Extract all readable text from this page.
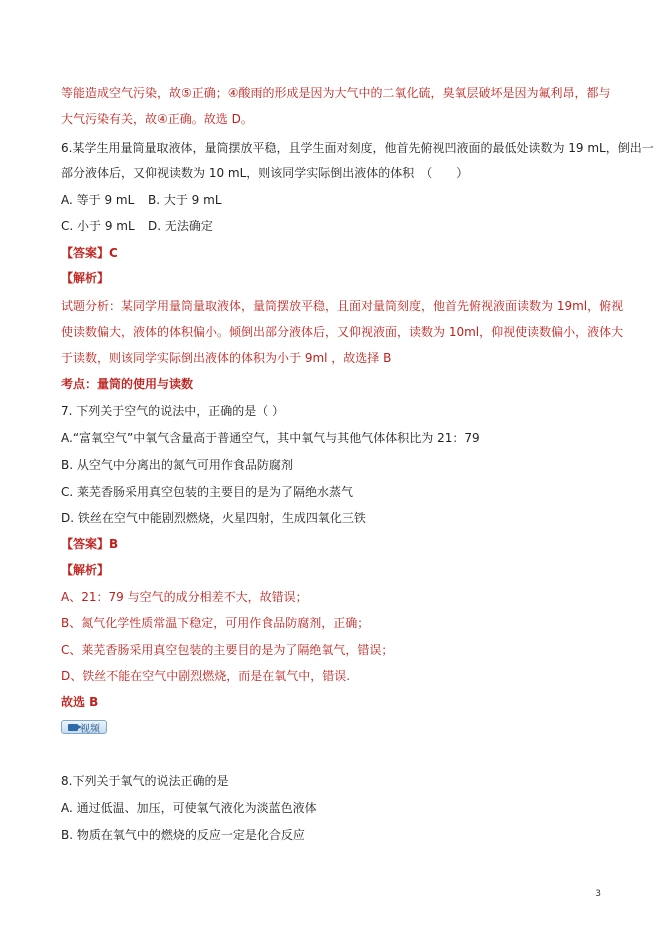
等能造成空气污染，故⑤正确；④酸雨的形成是因为大气中的二氧化硫，臭氧层破坏是因为氟利昂，都与
大气污染有关，故④正确。故选 D。
6.某学生用量筒量取液体，量筒摆放平稳，且学生面对刻度，他首先俯视凹液面的最低处读数为 19 mL，倒出一
部分液体后，又仰视读数为 10 mL，则该同学实际倒出液体的体积　（　　）
A. 等于 9 mL	B. 大于 9 mL
C. 小于 9 mL	D. 无法确定
【答案】C
【解析】
试题分析：某同学用量筒量取液体，量筒摆放平稳，且面对量筒刻度，他首先俯视液面读数为 19ml，俯视
使读数偏大，液体的体积偏小。倾倒出部分液体后，又仰视液面，读数为 10ml，仰视使读数偏小，液体大
于读数，则该同学实际倒出液体的体积为小于 9ml ，故选择 B
考点：量筒的使用与读数
7. 下列关于空气的说法中，正确的是（ ）
A.“富氧空气”中氧气含量高于普通空气，其中氧气与其他气体体积比为 21：79
B. 从空气中分离出的氮气可用作食品防腐剂
C. 莱芜香肠采用真空包装的主要目的是为了隔绝水蒸气
D. 铁丝在空气中能剧烈燃烧，火星四射，生成四氧化三铁
【答案】B
【解析】
A、21：79 与空气的成分相差不大，故错误；
B、氮气化学性质常温下稳定，可用作食品防腐剂，正确；
C、莱芜香肠采用真空包装的主要目的是为了隔绝氧气，错误；
D、铁丝不能在空气中剧烈燃烧，而是在氧气中，错误.
故选 B
视频
8.下列关于氧气的说法正确的是
A. 通过低温、加压，可使氧气液化为淡蓝色液体
B. 物质在氧气中的燃烧的反应一定是化合反应
3
